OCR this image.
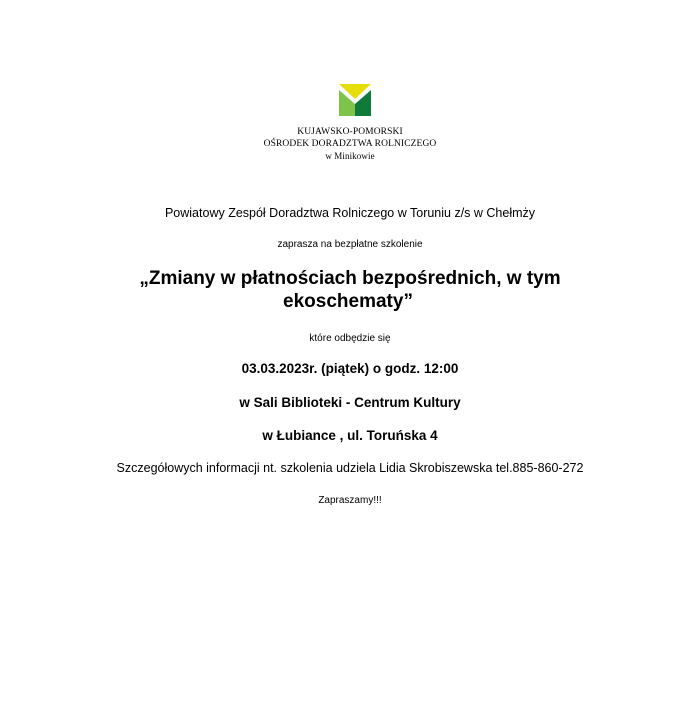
KUJAWSKO-POMORSKI
OŚRODEK DORADZTWA ROLNICZEGO
w Minikowie
Powiatowy Zespół Doradztwa Rolniczego w Toruniu z/s w Chełmży
zaprasza na bezpłatne szkolenie
„Zmiany w płatnościach bezpośrednich, w tym
ekoschematy”
które odbędzie się
03.03.2023r. (piątek) o godz. 12:00
w Sali Biblioteki - Centrum Kultury
w Łubiance , ul. Toruńska 4
Szczegółowych informacji nt. szkolenia udziela Lidia Skrobiszewska tel.885-860-272
Zapraszamy!!!
